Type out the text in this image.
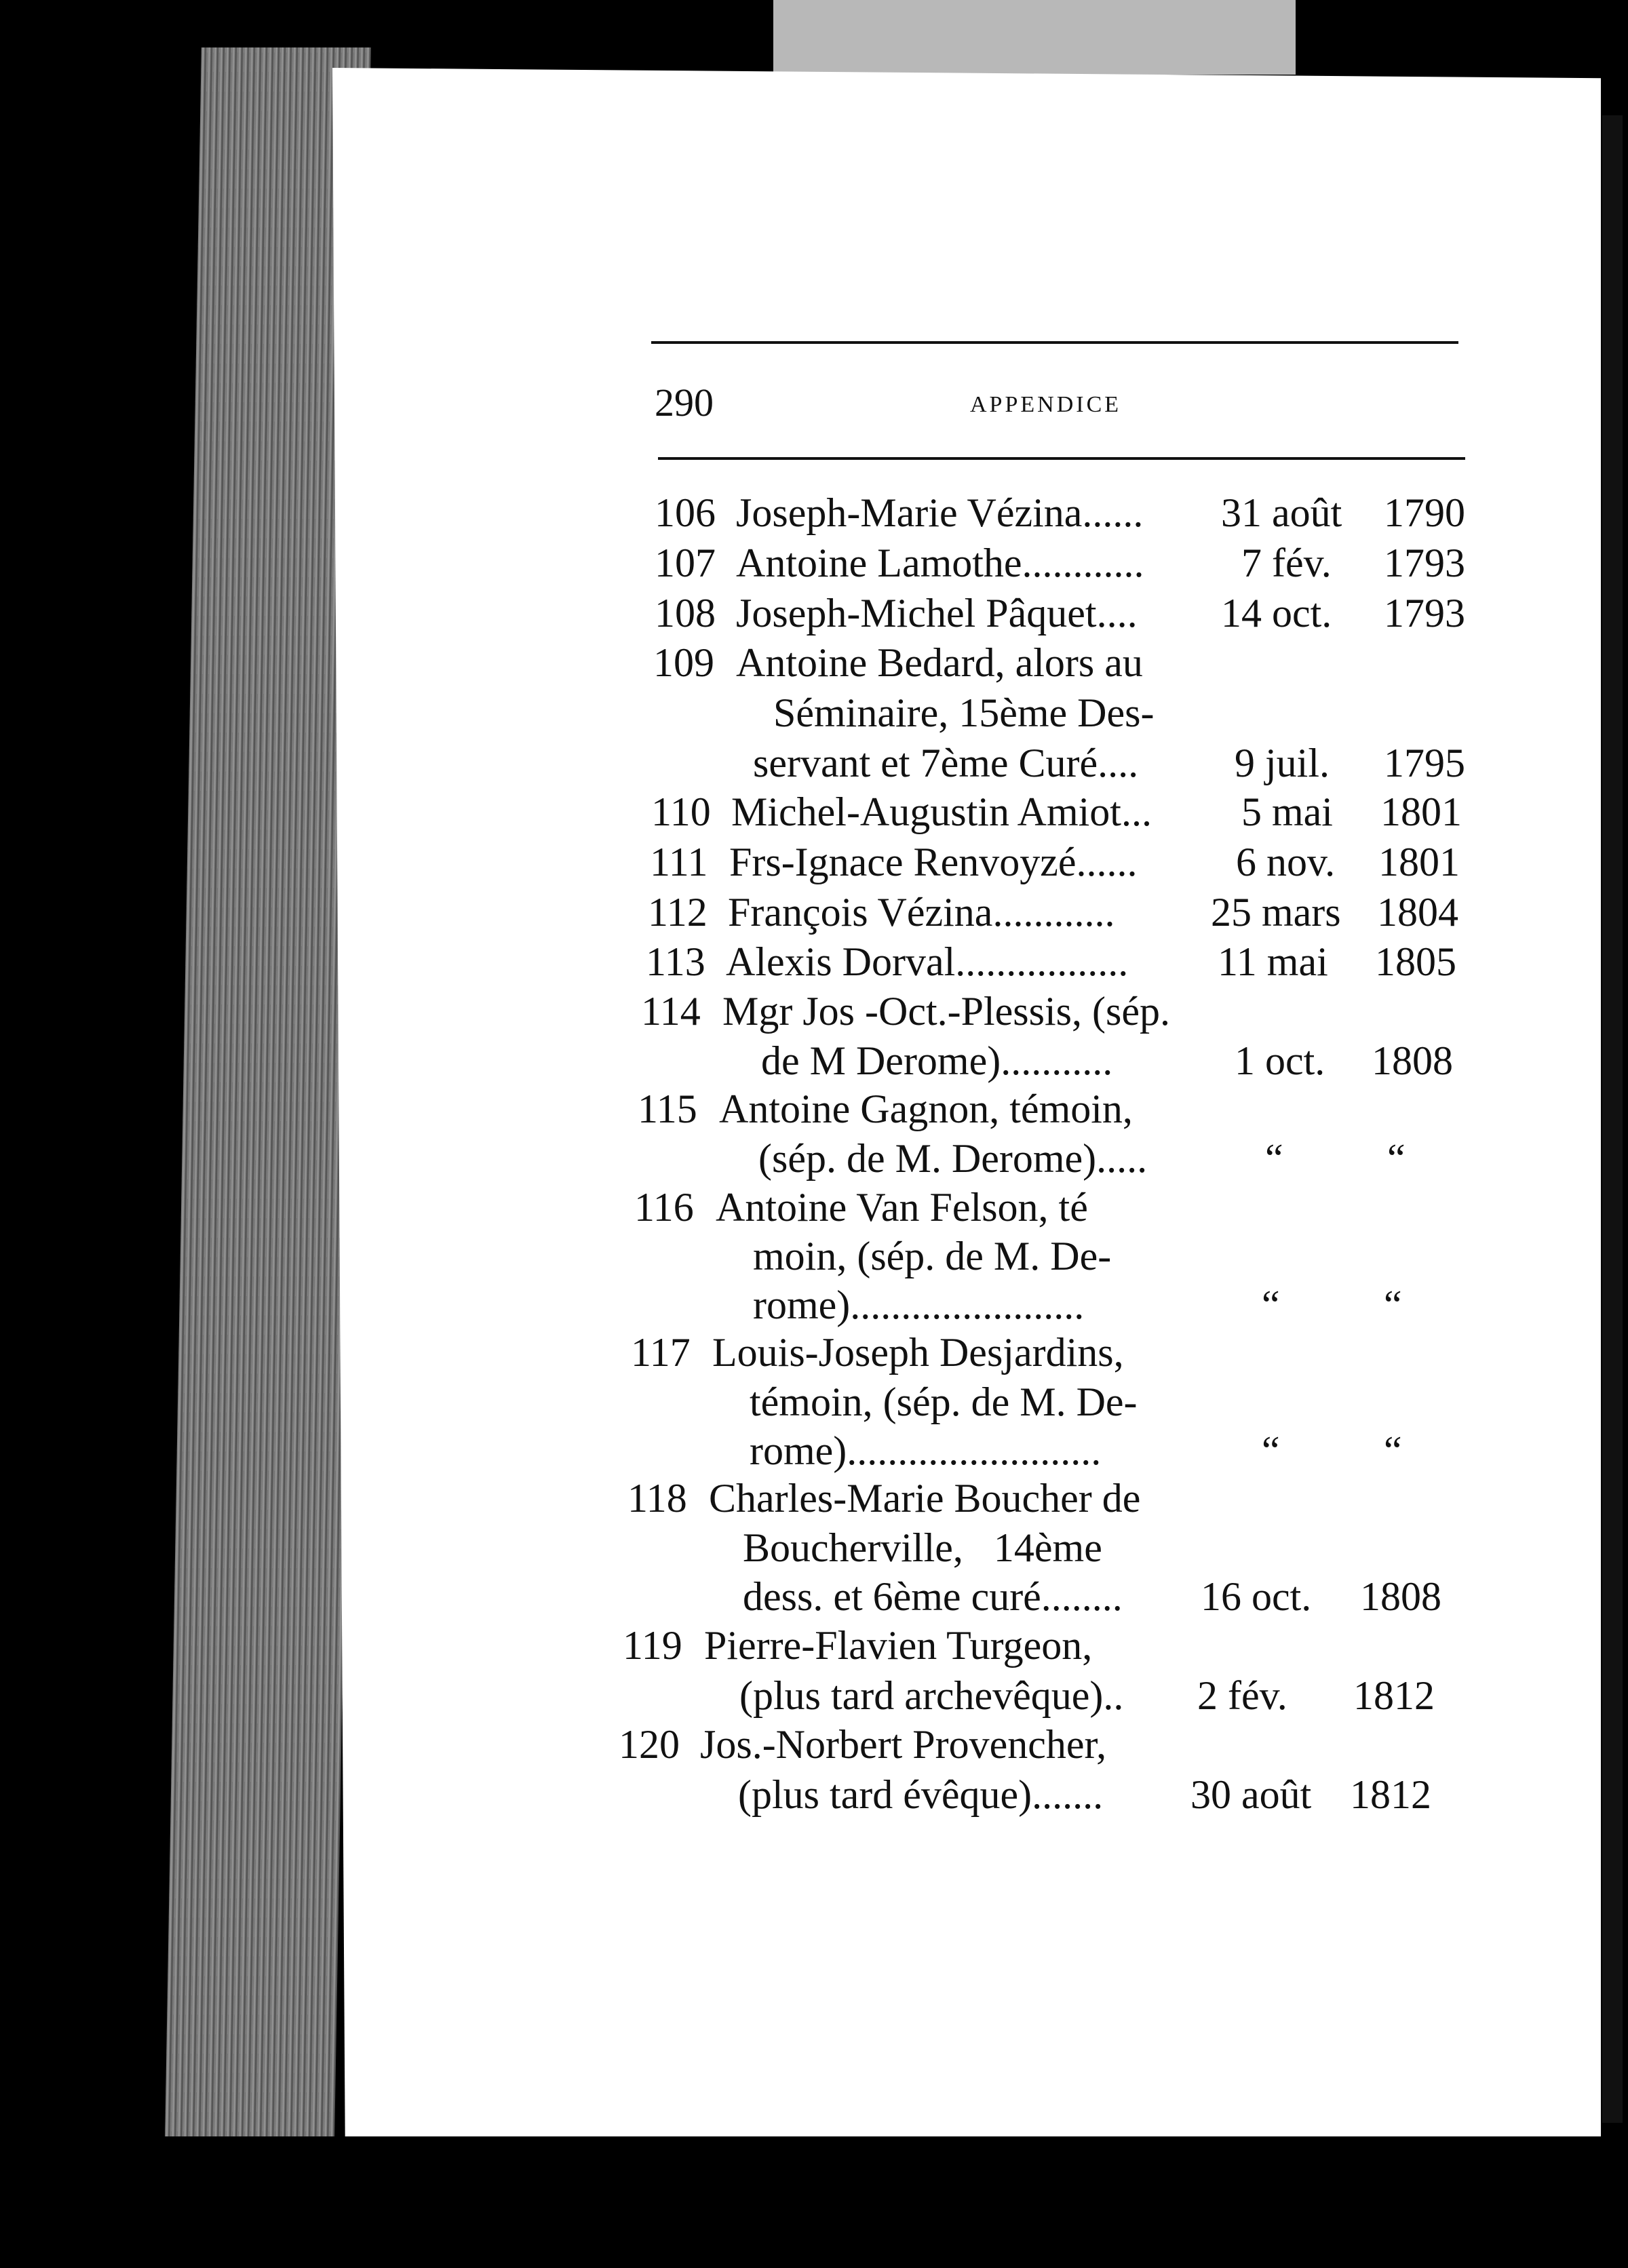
290	APPENDICE
106 Joseph-Marie Vézina...... 31 août 1790
107 Antoine Lamothe............ 7 fév. 1793
108 Joseph-Michel Pâquet.... 14 oct. 1793
109 Antoine Bedard, alors au
Séminaire, 15ème Des-
servant et 7ème Curé.... 9 juil. 1795
110 Michel-Augustin Amiot... 5 mai 1801
111 Frs-Ignace Renvoyzé...... 6 nov. 1801
112 François Vézina............ 25 mars 1804
113 Alexis Dorval................. 11 mai 1805
114 Mgr Jos -Oct.-Plessis, (sép.
de M Derome)...........	1 oct. 1808
115 Antoine Gagnon, témoin,
(sép. de M. Derome).....	“	“
116 Antoine Van Felson, té
moin, (sép. de M. De-
rome).......................	“	“
117 Louis-Joseph Desjardins,
témoin, (sép. de M. De-
rome).........................	“	“
118 Charles-Marie Boucher de
Boucherville,   14ème
dess. et 6ème curé........ 16 oct. 1808
119 Pierre-Flavien Turgeon,
(plus tard archevêque).. 2 fév. 1812
120 Jos.-Norbert Provencher,
(plus tard évêque)....... 30 août 1812
